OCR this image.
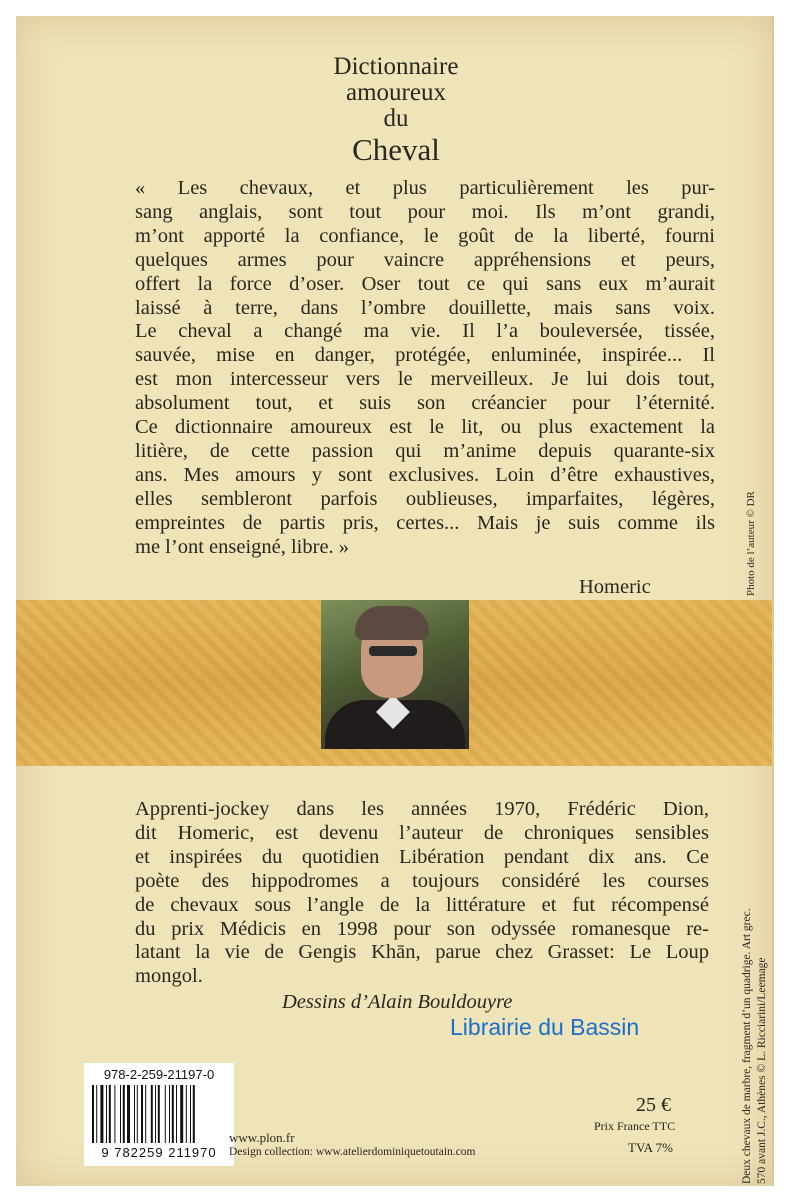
Dictionnaire
amoureux
du
Cheval
« Les chevaux, et plus particulièrement les pur-
sang anglais, sont tout pour moi. Ils m’ont grandi,
m’ont apporté la confiance, le goût de la liberté, fourni
quelques armes pour vaincre appréhensions et peurs,
offert la force d’oser. Oser tout ce qui sans eux m’aurait
laissé à terre, dans l’ombre douillette, mais sans voix.
Le cheval a changé ma vie. Il l’a bouleversée, tissée,
sauvée, mise en danger, protégée, enluminée, inspirée... Il
est mon intercesseur vers le merveilleux. Je lui dois tout,
absolument tout, et suis son créancier pour l’éternité.
Ce dictionnaire amoureux est le lit, ou plus exactement la
litière, de cette passion qui m’anime depuis quarante-six
ans. Mes amours y sont exclusives. Loin d’être exhaustives,
elles sembleront parfois oublieuses, imparfaites, légères,
empreintes de partis pris, certes... Mais je suis comme ils
me l’ont enseigné, libre. »
Homeric
Apprenti-jockey dans les années 1970, Frédéric Dion,
dit Homeric, est devenu l’auteur de chroniques sensibles
et inspirées du quotidien Libération pendant dix ans. Ce
poète des hippodromes a toujours considéré les courses
de chevaux sous l’angle de la littérature et fut récompensé
du prix Médicis en 1998 pour son odyssée romanesque re-
latant la vie de Gengis Khān, parue chez Grasset: Le Loup
mongol.
Dessins d’Alain Bouldouyre
Librairie du Bassin
978-2-259-21197-0
9 782259 211970
www.plon.fr
Design collection: www.atelierdominiquetoutain.com
25 €
Prix France TTC
TVA 7%
Photo de l’auteur © DR
Deux chevaux de marbre, fragment d’un quadrige. Art grec. 570 avant J.C., Athènes © L. Ricciarini/Leemage
